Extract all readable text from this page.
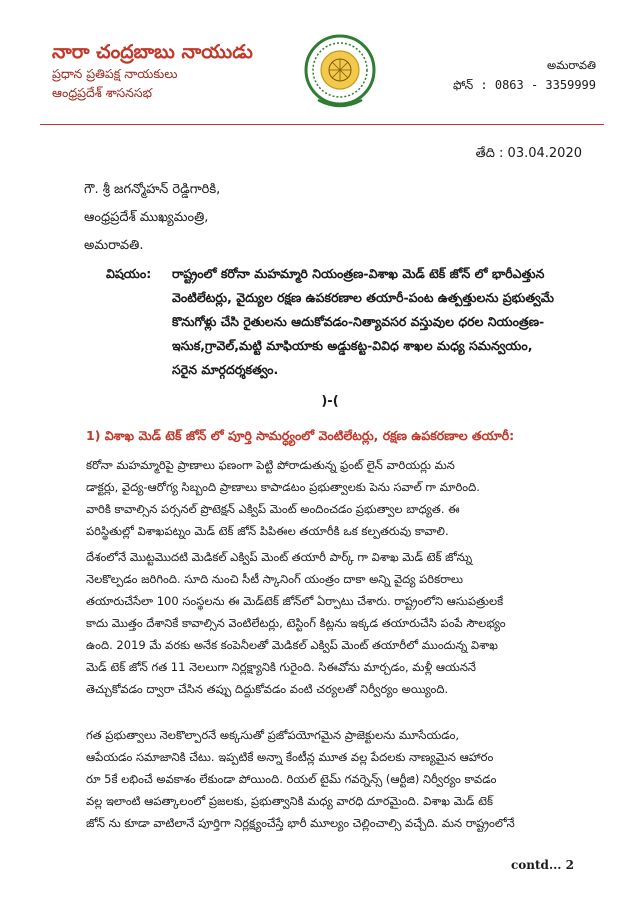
నారా చంద్రబాబు నాయుడు
ప్రధాన ప్రతిపక్ష నాయకులు
ఆంధ్రప్రదేశ్ శాసనసభ
అమరావతి
ఫోన్ : 0863 - 3359999
తేది : 03.04.2020
గౌ. శ్రీ జగన్మోహన్ రెడ్డిగారికి,
ఆంధ్రప్రదేశ్ ముఖ్యమంత్రి,
అమరావతి.
విషయం:	రాష్ట్రంలో కరోనా మహమ్మారి నియంత్రణ-విశాఖ మెడ్ టెక్ జోన్ లో భారీఎత్తున
వెంటిలేటర్లు, వైద్యుల రక్షణ ఉపకరణాల తయారీ-పంట ఉత్పత్తులను ప్రభుత్వమే
కొనుగోళ్లు చేసి రైతులను ఆదుకోవడం-నిత్యావసర వస్తువుల ధరల నియంత్రణ-
ఇసుక,గ్రావెల్,మట్టి మాఫియాకు అడ్డుకట్ట-వివిధ శాఖల మధ్య సమన్వయం,
సరైన మార్గదర్శకత్వం.
)-(
1) విశాఖ మెడ్ టెక్ జోన్ లో పూర్తి సామర్ధ్యంలో వెంటిలేటర్లు, రక్షణ ఉపకరణాల తయారీ:
కరోనా మహమ్మారిపై ప్రాణాలు ఫణంగా పెట్టి పోరాడుతున్న ఫ్రంట్ లైన్ వారియర్లు మన
డాక్టర్లు, వైద్య-ఆరోగ్య సిబ్బంది ప్రాణాలు కాపాడటం ప్రభుత్వాలకు పెను సవాల్ గా మారింది.
వారికి కావాల్సిన పర్సనల్ ప్రొటెక్షన్ ఎక్విప్ మెంట్ అందించడం ప్రభుత్వాల బాధ్యత. ఈ
పరిస్థితుల్లో విశాఖపట్నం మెడ్ టెక్ జోన్ పిపిఈల తయారీకి ఒక కల్పతరువు కావాలి.
దేశంలోనే మొట్టమొదటి మెడికల్ ఎక్విప్ మెంట్ తయారీ పార్క్ గా విశాఖ మెడ్ టెక్ జోన్ను
నెలకొల్పడం జరిగింది. సూది నుంచి సీటీ స్కానింగ్ యంత్రం దాకా అన్ని వైద్య పరికరాలు
తయారుచేసేలా 100 సంస్థలను ఈ మెడ్‌టెక్ జోన్‌లో ఏర్పాటు చేశారు. రాష్ట్రంలోని ఆసుపత్రులకే
కాదు మొత్తం దేశానికే కావాల్సిన వెంటిలేటర్లు, టెస్టింగ్ కిట్లను ఇక్కడ తయారుచేసి పంపే సౌలభ్యం
ఉంది. 2019 మే వరకు అనేక కంపెనీలతో మెడికల్ ఎక్విప్ మెంట్ తయారీలో ముందున్న విశాఖ
మెడ్ టెక్ జోన్ గత 11 నెలలుగా నిర్లక్ష్యానికి గురైంది. సిఈవోను మార్చడం, మళ్లీ ఆయననే
తెచ్చుకోవడం ద్వారా చేసిన తప్పు దిద్దుకోవడం వంటి చర్యలతో నిర్వీర్యం అయ్యింది.
గత ప్రభుత్వాలు నెలకొల్పారనే అక్కసుతో ప్రజోపయోగమైన ప్రాజెక్టులను మూసేయడం,
ఆపేయడం సమాజానికి చేటు. ఇప్పటికే అన్నా కేంటీన్ల మూత వల్ల పేదలకు నాణ్యమైన ఆహారం
రూ 5కే లభించే అవకాశం లేకుండా పోయింది. రియల్ టైమ్ గవర్నెన్స్ (ఆర్టీజి) నిర్వీర్యం కావడం
వల్ల ఇలాంటి ఆపత్కాలంలో ప్రజలకు, ప్రభుత్వానికి మధ్య వారధి దూరమైంది. విశాఖ మెడ్ టెక్
జోన్ ను కూడా వాటిలానే పూర్తిగా నిర్లక్ష్యంచేస్తే భారీ మూల్యం చెల్లించాల్సి వచ్చేది. మన రాష్ట్రంలోనే
contd... 2
